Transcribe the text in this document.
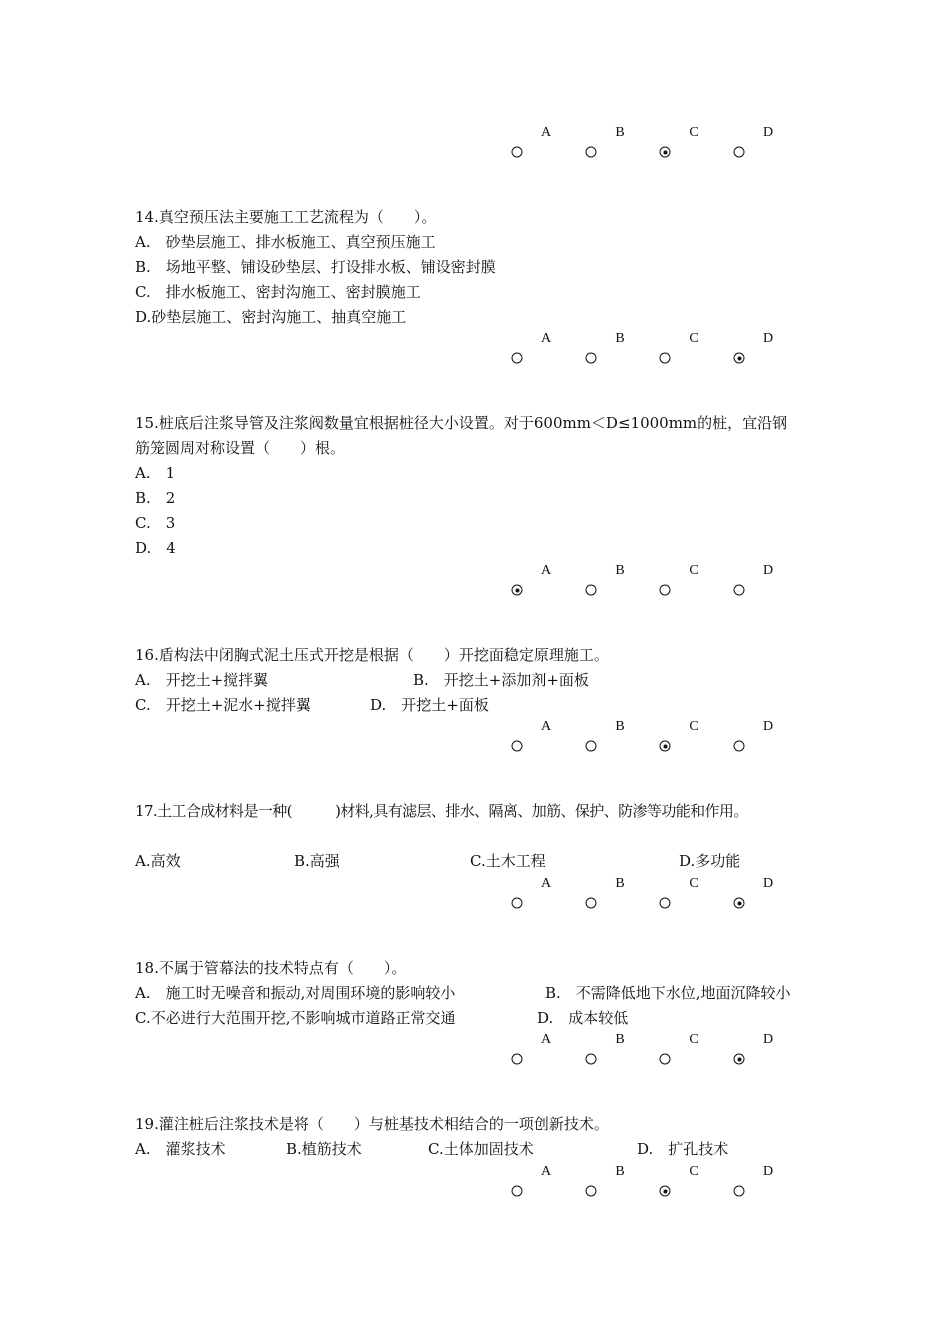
A	B	C	D
14.真空预压法主要施工工艺流程为（　　）。
A.　砂垫层施工、排水板施工、真空预压施工
B.　场地平整、铺设砂垫层、打设排水板、铺设密封膜
C.　排水板施工、密封沟施工、密封膜施工
D.砂垫层施工、密封沟施工、抽真空施工
A	B	C	D
15.桩底后注浆导管及注浆阀数量宜根据桩径大小设置。对于600mm＜D≤1000mm的桩，宜沿钢
筋笼圆周对称设置（　　）根。
A.　1
B.　2
C.　3
D.　4
A	B	C	D
16.盾构法中闭胸式泥土压式开挖是根据（　　）开挖面稳定原理施工。
A.　开挖土+搅拌翼	B.　开挖土+添加剂+面板
C.　开挖土+泥水+搅拌翼	D.　开挖土+面板
A	B	C	D
17.土工合成材料是一种(　　　)材料,具有滤层、排水、隔离、加筋、保护、防渗等功能和作用。
A.高效	B.高强	C.土木工程	D.多功能
A	B	C	D
18.不属于管幕法的技术特点有（　　）。
A.　施工时无噪音和振动,对周围环境的影响较小	B.　不需降低地下水位,地面沉降较小
C.不必进行大范围开挖,不影响城市道路正常交通	D.　成本较低
A	B	C	D
19.灌注桩后注浆技术是将（　　）与桩基技术相结合的一项创新技术。
A.　灌浆技术	B.植筋技术	C.土体加固技术	D.　扩孔技术
A	B	C	D
